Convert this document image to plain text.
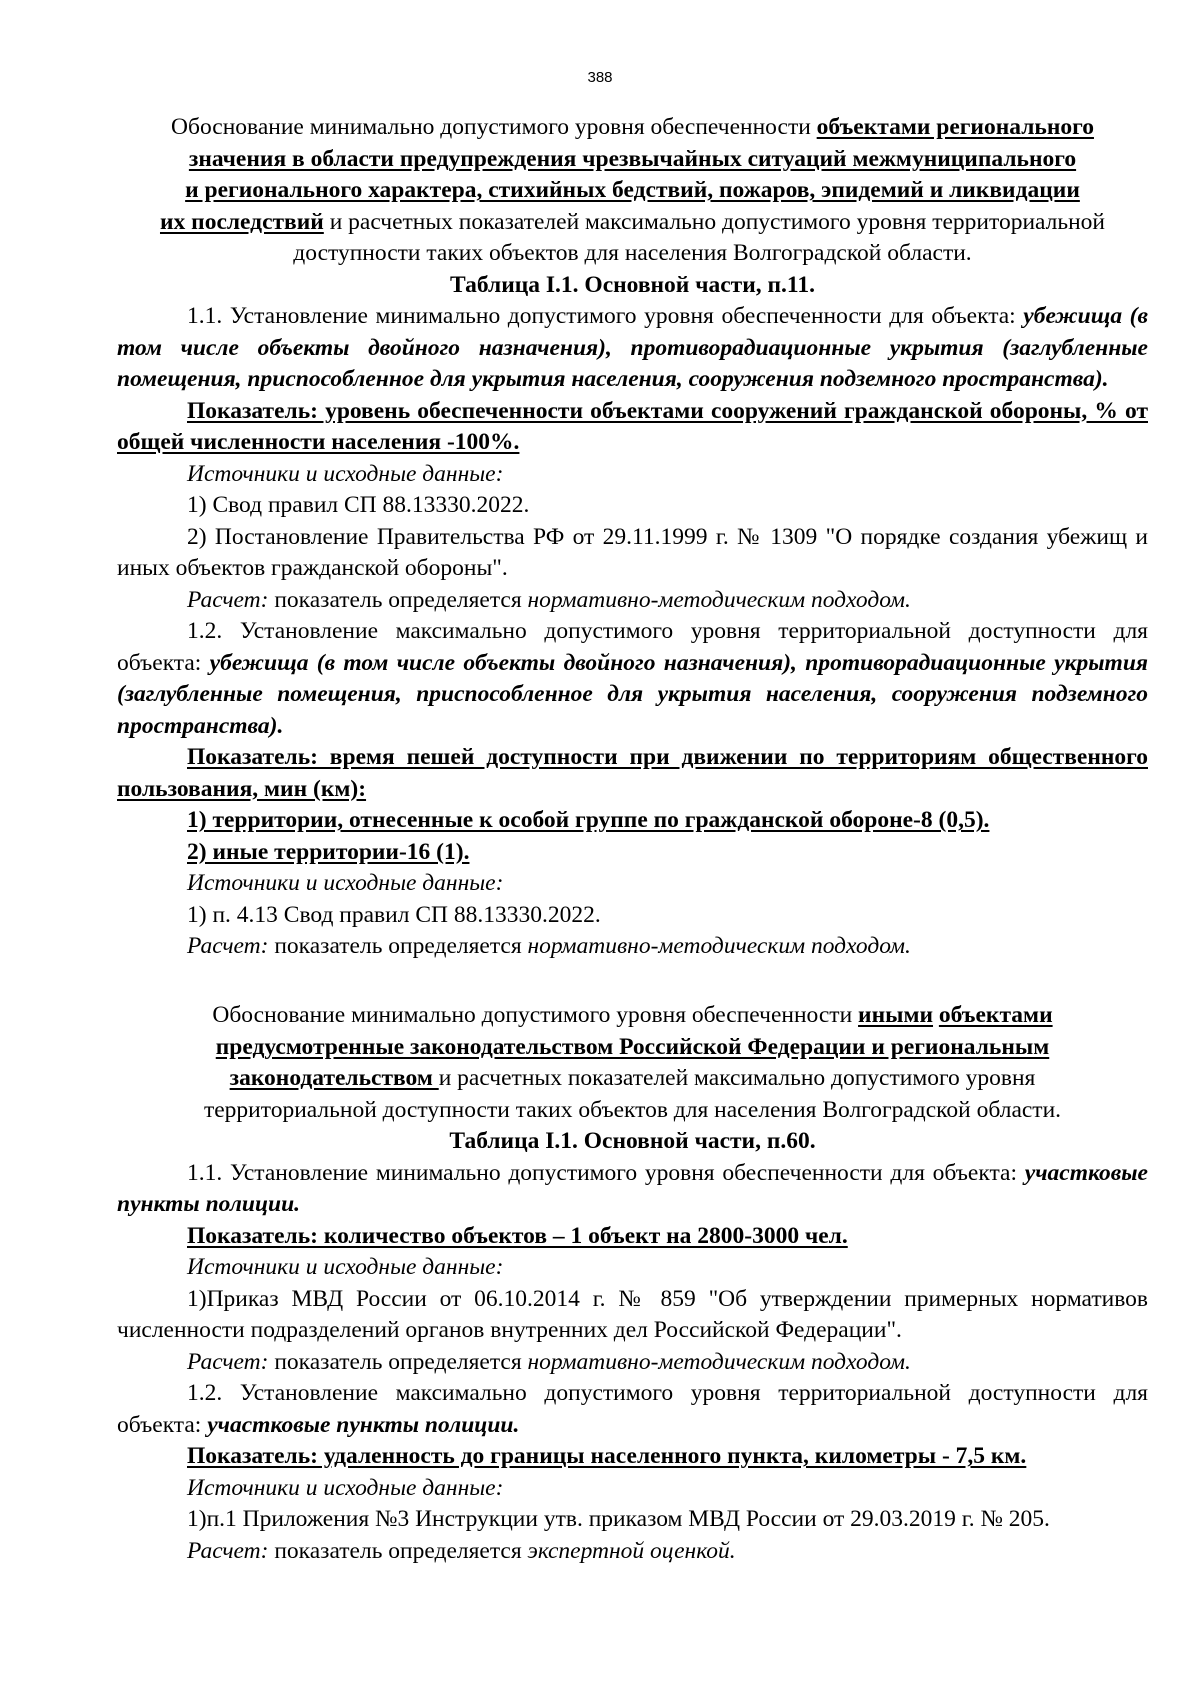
388
Обоснование минимально допустимого уровня обеспеченности объектами регионального
значения в области предупреждения чрезвычайных ситуаций межмуниципального
и регионального характера, стихийных бедствий, пожаров, эпидемий и ликвидации
их последствий и расчетных показателей максимально допустимого уровня территориальной
доступности таких объектов для населения Волгоградской области.
Таблица I.1. Основной части, п.11.

1.1. Установление минимально допустимого уровня обеспеченности для объекта: убежища (в том числе объекты двойного назначения), противорадиационные укрытия (заглубленные помещения, приспособленное для укрытия населения, сооружения подземного пространства).

Показатель: уровень обеспеченности объектами сооружений гражданской обороны, % от общей численности населения -100%.

Источники и исходные данные:

1) Свод правил СП 88.13330.2022.

2) Постановление Правительства РФ от 29.11.1999 г. № 1309 "О порядке создания убежищ и иных объектов гражданской обороны".

Расчет: показатель определяется нормативно-методическим подходом.

1.2. Установление максимально допустимого уровня территориальной доступности для объекта: убежища (в том числе объекты двойного назначения), противорадиационные укрытия (заглубленные помещения, приспособленное для укрытия населения, сооружения подземного пространства).

Показатель: время пешей доступности при движении по территориям общественного пользования, мин (км):

1) территории, отнесенные к особой группе по гражданской обороне-8 (0,5).

2) иные территории-16 (1).

Источники и исходные данные:

1) п. 4.13 Свод правил СП 88.13330.2022.

Расчет: показатель определяется нормативно-методическим подходом.

Обоснование минимально допустимого уровня обеспеченности иными объектами
предусмотренные законодательством Российской Федерации и региональным
законодательством и расчетных показателей максимально допустимого уровня
территориальной доступности таких объектов для населения Волгоградской области.
Таблица I.1. Основной части, п.60.

1.1. Установление минимально допустимого уровня обеспеченности для объекта: участковые пункты полиции.

Показатель: количество объектов – 1 объект на 2800-3000 чел.

Источники и исходные данные:

1)Приказ МВД России от 06.10.2014 г. № 859 "Об утверждении примерных нормативов численности подразделений органов внутренних дел Российской Федерации".

Расчет: показатель определяется нормативно-методическим подходом.

1.2. Установление максимально допустимого уровня территориальной доступности для объекта: участковые пункты полиции.

Показатель: удаленность до границы населенного пункта, километры - 7,5 км.

Источники и исходные данные:

1)п.1 Приложения №3 Инструкции утв. приказом МВД России от 29.03.2019 г. № 205.

Расчет: показатель определяется экспертной оценкой.
